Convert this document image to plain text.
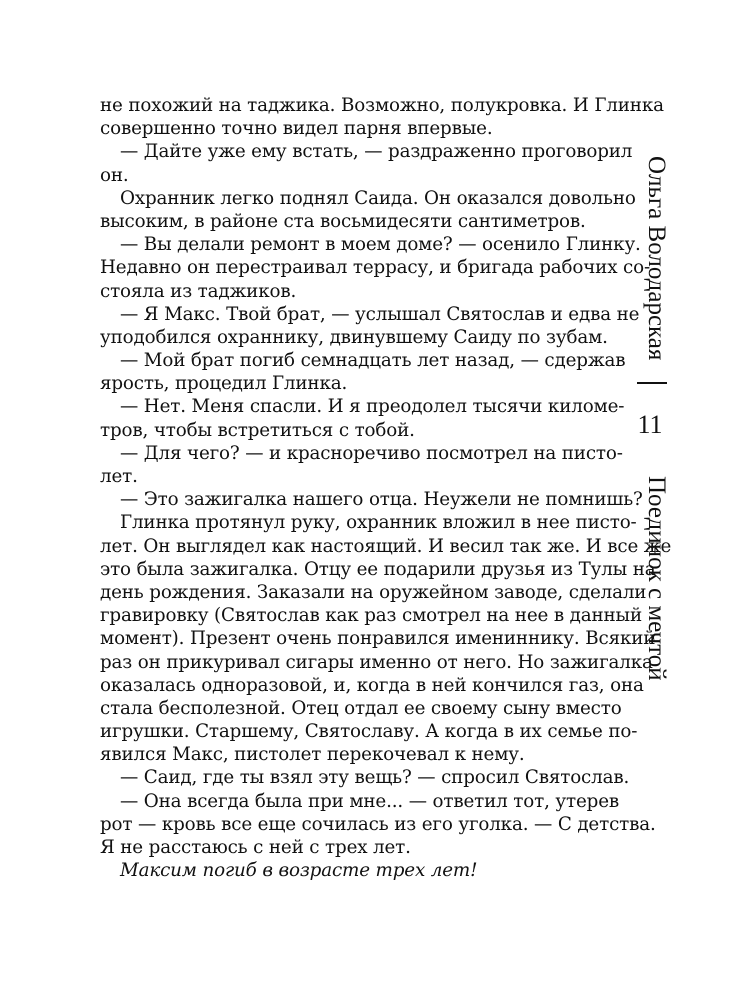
не похожий на таджика. Возможно, полукровка. И Глинка
совершенно точно видел парня впервые.
— Дайте уже ему встать, — раздраженно проговорил
он.
Охранник легко поднял Саида. Он оказался довольно
высоким, в районе ста восьмидесяти сантиметров.
— Вы делали ремонт в моем доме? — осенило Глинку.
Недавно он перестраивал террасу, и бригада рабочих со-
стояла из таджиков.
— Я Макс. Твой брат, — услышал Святослав и едва не
уподобился охраннику, двинувшему Саиду по зубам.
— Мой брат погиб семнадцать лет назад, — сдержав
ярость, процедил Глинка.
— Нет. Меня спасли. И я преодолел тысячи киломе-
тров, чтобы встретиться с тобой.
— Для чего? — и красноречиво посмотрел на писто-
лет.
— Это зажигалка нашего отца. Неужели не помнишь?
Глинка протянул руку, охранник вложил в нее писто-
лет. Он выглядел как настоящий. И весил так же. И все же
это была зажигалка. Отцу ее подарили друзья из Тулы на
день рождения. Заказали на оружейном заводе, сделали
гравировку (Святослав как раз смотрел на нее в данный
момент). Презент очень понравился имениннику. Всякий
раз он прикуривал сигары именно от него. Но зажигалка
оказалась одноразовой, и, когда в ней кончился газ, она
стала бесполезной. Отец отдал ее своему сыну вместо
игрушки. Старшему, Святославу. А когда в их семье по-
явился Макс, пистолет перекочевал к нему.
— Саид, где ты взял эту вещь? — спросил Святослав.
— Она всегда была при мне... — ответил тот, утерев
рот — кровь все еще сочилась из его уголка. — С детства.
Я не расстаюсь с ней с трех лет.
Максим погиб в возрасте трех лет!
Ольга Володарская
11
Поединок с мечтой
